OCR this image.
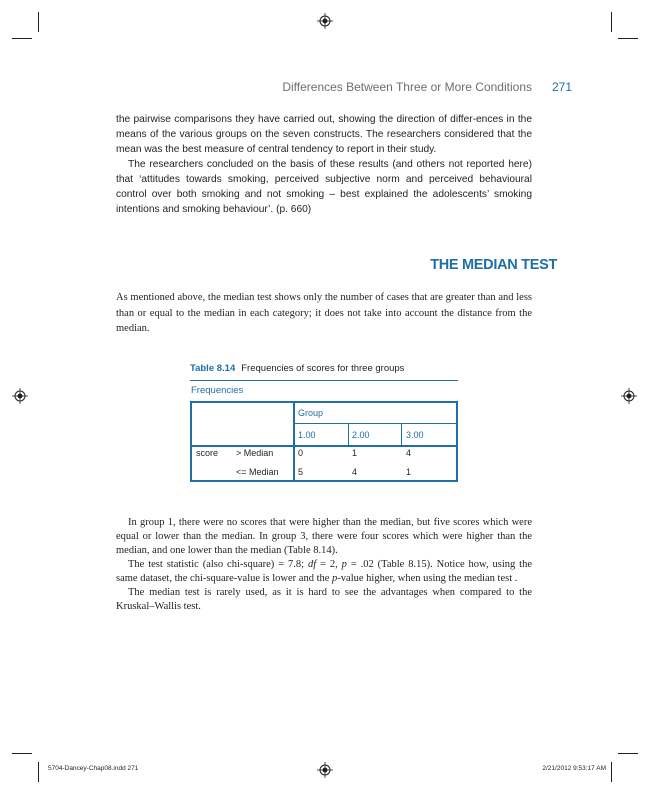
Differences Between Three or More Conditions 271

the pairwise comparisons they have carried out, showing the direction of differ-ences in the means of the various groups on the seven constructs. The researchers considered that the mean was the best measure of central tendency to report in their study.

The researchers concluded on the basis of these results (and others not reported here) that ‘attitudes towards smoking, perceived subjective norm and perceived behavioural control over both smoking and not smoking – best explained the adolescents’ smoking intentions and smoking behaviour’. (p. 660)

THE MEDIAN TEST

As mentioned above, the median test shows only the number of cases that are greater than and less than or equal to the median in each category; it does not take into account the distance from the median.

Table 8.14 Frequencies of scores for three groups
Frequencies
Group
1.00	2.00	3.00
score > Median	0	1	4
<= Median 5	4	1

In group 1, there were no scores that were higher than the median, but five scores which were equal or lower than the median. In group 3, there were four scores which were higher than the median, and one lower than the median (Table 8.14).

The test statistic (also chi-square) = 7.8; df = 2, p = .02 (Table 8.15). Notice how, using the same dataset, the chi-square-value is lower and the p-value higher, when using the median test .

The median test is rarely used, as it is hard to see the advantages when compared to the Kruskal–Wallis test.

5704-Dancey-Chap08.indd 271	2/21/2012 9:53:17 AM
